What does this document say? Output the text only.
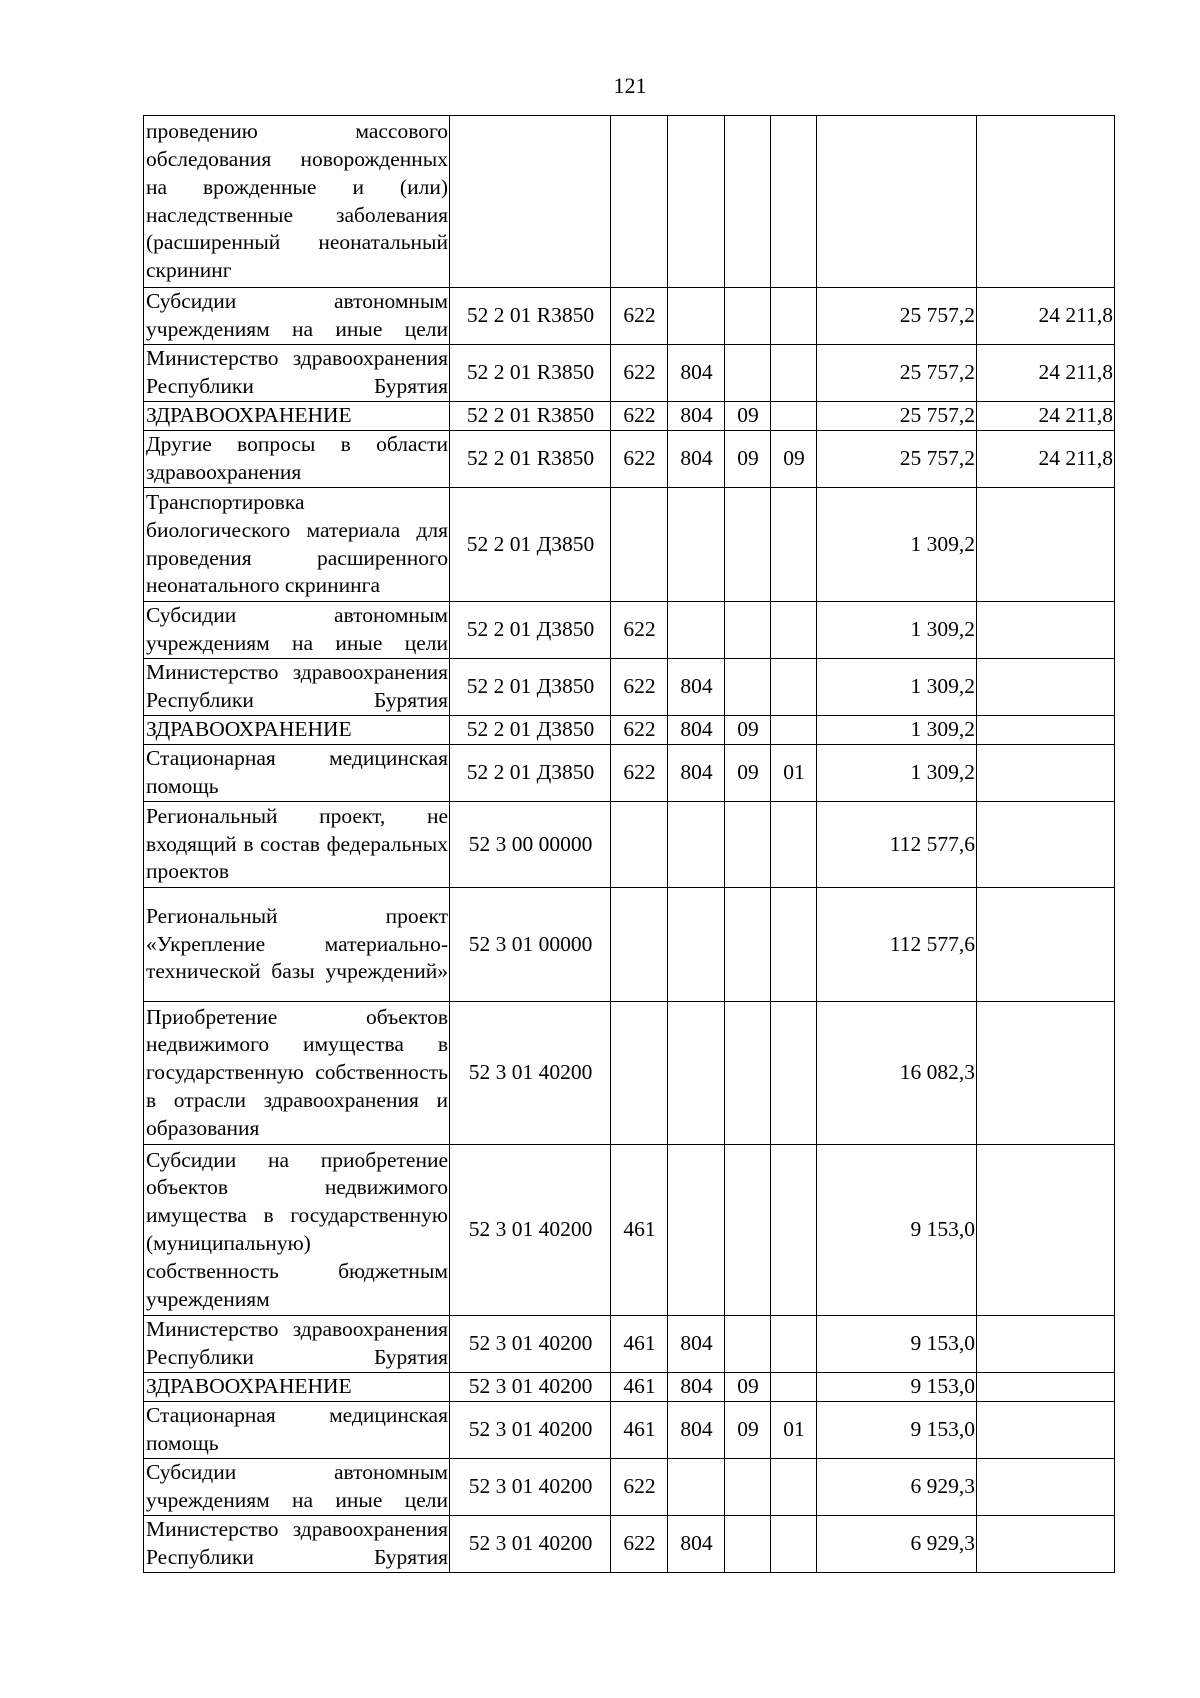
121
проведению массового обследования новорожденных на врожденные и (или) наследственные заболевания (расширенный неонатальный скрининг							
Субсидии автономным учреждениям на иные цели	52 2 01 R3850	622				25 757,2	24 211,8
Министерство здравоохранения Республики Бурятия	52 2 01 R3850	622	804			25 757,2	24 211,8
ЗДРАВООХРАНЕНИЕ	52 2 01 R3850	622	804	09		25 757,2	24 211,8
Другие вопросы в области здравоохранения	52 2 01 R3850	622	804	09	09	25 757,2	24 211,8
Транспортировка биологического материала для проведения расширенного неонатального скрининга	52 2 01 Д3850					1 309,2	
Субсидии автономным учреждениям на иные цели	52 2 01 Д3850	622				1 309,2	
Министерство здравоохранения Республики Бурятия	52 2 01 Д3850	622	804			1 309,2	
ЗДРАВООХРАНЕНИЕ	52 2 01 Д3850	622	804	09		1 309,2	
Стационарная медицинская помощь	52 2 01 Д3850	622	804	09	01	1 309,2	
Региональный проект, не входящий в состав федеральных проектов	52 3 00 00000					112 577,6	
Региональный проект «Укрепление материально-технической базы учреждений»	52 3 01 00000					112 577,6	
Приобретение объектов недвижимого имущества в государственную собственность в отрасли здравоохранения и образования	52 3 01 40200					16 082,3	
Субсидии на приобретение объектов недвижимого имущества в государственную (муниципальную) собственность бюджетным учреждениям	52 3 01 40200	461				9 153,0	
Министерство здравоохранения Республики Бурятия	52 3 01 40200	461	804			9 153,0	
ЗДРАВООХРАНЕНИЕ	52 3 01 40200	461	804	09		9 153,0	
Стационарная медицинская помощь	52 3 01 40200	461	804	09	01	9 153,0	
Субсидии автономным учреждениям на иные цели	52 3 01 40200	622				6 929,3	
Министерство здравоохранения Республики Бурятия	52 3 01 40200	622	804			6 929,3	
